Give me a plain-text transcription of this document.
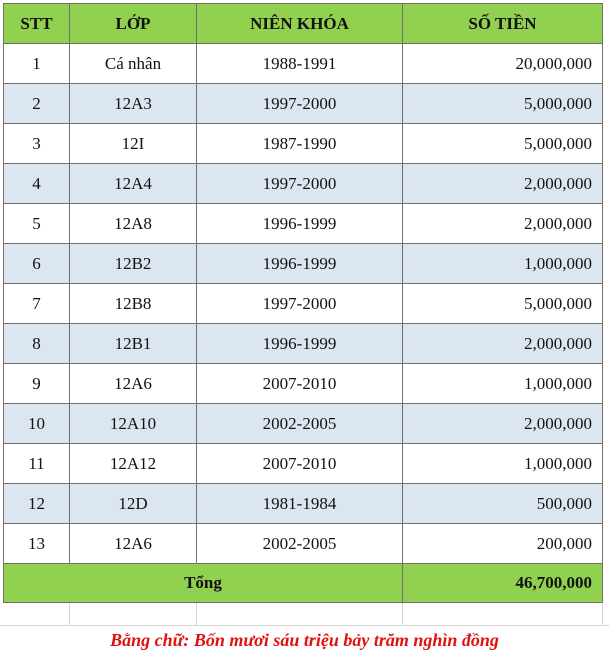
STT	LỚP	NIÊN KHÓA	SỐ TIỀN
1	Cá nhân	1988-1991	20,000,000
2	12A3	1997-2000	5,000,000
3	12I	1987-1990	5,000,000
4	12A4	1997-2000	2,000,000
5	12A8	1996-1999	2,000,000
6	12B2	1996-1999	1,000,000
7	12B8	1997-2000	5,000,000
8	12B1	1996-1999	2,000,000
9	12A6	2007-2010	1,000,000
10	12A10	2002-2005	2,000,000
11	12A12	2007-2010	1,000,000
12	12D	1981-1984	500,000
13	12A6	2002-2005	200,000
Tổng			46,700,000
Bằng chữ: Bốn mươi sáu triệu bảy trăm nghìn đồng
